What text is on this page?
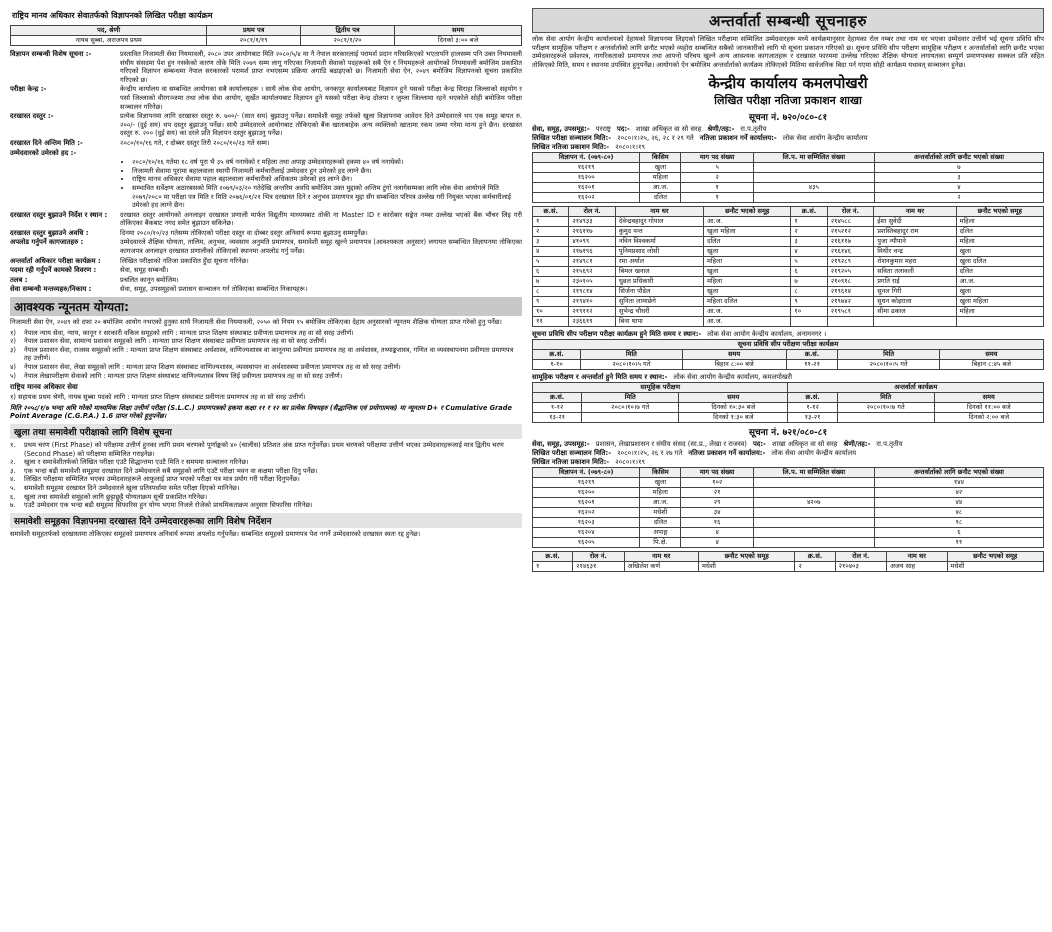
राष्ट्रिय मानव अधिकार सेवातर्फको विज्ञापनको लिखित परीक्षा कार्यक्रम
पद, श्रेणी	प्रथम पत्र	द्वितीय पत्र	समय
नायब सुब्बा, अराजपत्र प्रथम	२०८१/१/१९	२०८१/१/२०	दिनको ३:०० बजे
विज्ञापन सम्बन्धी विशेष सूचना :-	प्रस्तावित निजामती सेवा नियमावली, २०८० उपर आयोगबाट मिति २०८०/५/४ मा नै नेपाल सरकारलाई परामर्श प्रदान गरिसकिएको भएतापनि हालसम्म पनि उक्त नियमावली संघीय संसदमा पेश हुन नसकेको कारण तोके मिति २०७९ सम्म लागू गरिएका निजामती सेवाको पदहरूको सबै ऐन र नियमहरूले आयोगको नियमावली बमोजिम प्रकाशित गरिएको विज्ञापन सम्बन्धमा नेपाल सरकारको परामर्श प्राप्त नभएसम्म प्रक्रिया अगाडि बढाइएको छ। निजामती सेवा ऐन, २०४९ बमोजिम विज्ञापनको सूचना प्रकाशित गरिएको छ।
परीक्षा केन्द्र :-	केन्द्रीय कार्यालय वा सम्बन्धित आयोगका सबै कार्यालयहरू । साथै लोक सेवा आयोग, जनकपुर कार्यालयबाट विज्ञापन हुने यसको परीक्षा केन्द्र सिराहा जिल्लाको सहयोग र पर्सा जिल्लाको वीरगञ्जमा तथा लोक सेवा आयोग, सुर्खेत कार्यालयबाट विज्ञापन हुने यसको परीक्षा केन्द्र दोलपा र जुम्ला जिल्लामा रहने भएकोले सोही बमोजिम परीक्षा सञ्चालन गरिनेछ।
दरखास्त दस्तुर :-	प्रत्येक विज्ञापनमा लागि दरखास्त दस्तुर रु. ७००/- (सात सय) बुझाउनु पर्नेछ। समावेशी समूह तर्फको खुला विज्ञापनमा आवेदन दिने उम्मेदवारले थप एक समूह बापत रु. २००/- (दुई सय) थप दस्तुर बुझाउनु पर्नेछ। साथै उम्मेदवारले आयोगबाट तोकिएको बैंक खाताबाहेक अन्य व्यक्तिको खातामा रकम जम्मा गरेमा मान्य हुने छैन। दरखास्त दस्तुर रु. २०० (दुई सय) का दरले प्रति विज्ञापन दस्तुर बुझाउनु पर्नेछ।
दरखास्त दिने अन्तिम मिति :-	२०८०/१०/१६ गते, र दोब्बर दस्तुर तिरी २०८०/१०/२३ गते सम्म।
उम्मेदवारको उमेरको हद :-
• २०८०/१०/१६ गतेमा १८ वर्ष पूरा भै ३५ वर्ष ननाघेको र महिला तथा अपाङ्ग उम्मेदवारहरूको हकमा ४० वर्ष ननाघेको।
• निजामती सेवामा पूरामा बहालवाला स्थायी निजामती कर्मचारीलाई उम्मेदवार हुन उमेरको हद लाग्ने छैन।
• राष्ट्रिय मानव अधिकार सेवामा पहाल बहालवाला कर्मचारीको अधिकतम उमेरको हद लाग्ने छैन।
• सम्भावित सर्वेक्षण अठारबसको मिति २०७९/०३/२० गतेदेखि अन्तरिम अवधि बमोजिम उक्त मुद्दाको अन्तिम टुंगो नलागेसम्मका लागि लोक सेवा आयोगले मिति २०७९/२०८० मा परीक्षा पत्र मिति र मिति २०७६/०१/२१ भित्र दरखास्त दिने र अनुभव प्रमाणपत्र मुद्दा सँग सम्बन्धित परिपत्र उल्लेख गरी नियुक्त भएका कर्मचारीलाई उमेरको हद लाग्ने छैन।
दरखास्त दस्तुर बुझाउने निर्देश र स्थान :	दरखास्त दस्तुर आयोगको अनलाइन दरखास्त प्रणाली मार्फत विद्युतीय माध्यमबाट तोकी ना Master ID र कारोबार सङ्केत नम्बर उल्लेख भएको बैंक भौचर लिइ गरी तोकिएका बैंकबाट नगद समेत बुझाउन सकिनेछ।
दरखास्त दस्तुर बुझाउने अवधि :	दिनमा २०८०/१०/२३ गतेसम्म तोकिएको परीक्षा दस्तुर वा दोब्बर दस्तुर अनिवार्य रूपमा बुझाउनु सम्मपुर्नेछ।
अपलोड गर्नुपर्ने कागजातहरु :	उम्मेदवारले शैक्षिक योग्यता, तालिम, अनुभव, व्यवसाय अनुमति प्रमाणपत्र, समावेशी समूह खुल्ने प्रमाणपत्र (आवश्यकता अनुसार) लगायत सम्बन्धित विज्ञापनमा तोकिएका कागजपत्र अनलाइन दरखास्त प्रणालीको तोकिएको स्थानमा अपलोड गर्नु पर्नेछ।
अन्तर्वार्ता अधिकार परीक्षा कार्यक्रम :	लिखित परीक्षाको नतिजा प्रकाशित हुँदा सूचना गरिनेछ।
पदमा रही गर्नुपर्ने कामको विवरण :	सेवा, समूह सम्बन्धी।
तलब :	प्रचलित कानून बमोजिम।
सेवा सम्बन्धी मन्तव्यहरु/निकाय :	सेवा, समूह, उपसमूहको प्रशासन सञ्चालन गर्न तोकिएका सम्बन्धित निकायहरू।
आवश्यक न्यूनतम योग्यता:
निजामती सेवा ऐन, २०४९ को दफा २० बमोजिम आयोग नभएको हुनुका साथै निजामती सेवा नियमावली, २०५० को नियम १५ बमोजिम तोकिएका देहाय अनुसारको न्यूनतम शैक्षिक योग्यता प्राप्त गरेको हुनु पर्नेछ।
१)	नेपाल न्याय सेवा, न्याय, कानून र सरकारी वकिल समूहको लागि : मान्यता प्राप्त शिक्षण संस्थाबाट प्रवीणता प्रमाणपत्र तह वा सो सरह उत्तीर्ण।
२)	नेपाल प्रशासन सेवा, सामान्य प्रशासन समूहको लागि : मान्यता प्राप्त शिक्षण संस्थाबाट प्रवीणता प्रमाणपत्र तह वा सो सरह उत्तीर्ण।
३)	नेपाल प्रशासन सेवा, राजस्व समूहको लागि : मान्यता प्राप्त शिक्षण संस्थाबाट अर्थशास्त्र, वाणिज्यशास्त्र वा कानूनमा प्रवीणता प्रमाणपत्र तह वा अर्थशास्त्र, तथ्याङ्कशास्त्र, गणित वा व्यवस्थापनमा प्रवीणता प्रमाणपत्र तह उत्तीर्ण।
४)	नेपाल प्रशासन सेवा, लेखा समूहको लागि : मान्यता प्राप्त शिक्षण संस्थाबाट वाणिज्यशास्त्र, व्यवस्थापन वा अर्थशास्त्रमा प्रवीणता प्रमाणपत्र तह वा सो सरह उत्तीर्ण।
५)	नेपाल लेखापरीक्षण सेवाको लागि : मान्यता प्राप्त शिक्षण संस्थाबाट वाणिज्यशास्त्र विषय लिई प्रवीणता प्रमाणपत्र तह वा सो सरह उत्तीर्ण।
राष्ट्रिय मानव अधिकार सेवा
१) सहायक प्रथम श्रेणी, नायब सुब्बा पदको लागि : मान्यता प्राप्त शिक्षण संस्थाबाट प्रवीणता प्रमाणपत्र तह वा सो सरह उत्तीर्ण।
मिति २०५८/१/७ भन्दा अघि गरेको माध्यमिक शिक्षा उत्तीर्ण परीक्षा (S.L.C.) प्रमाणपत्रको हकमा कक्षा ११ र १२ का प्रत्येक विषयहरु (सैद्धान्तिक एवं प्रयोगात्मक) मा न्यूनतम D+ र Cumulative Grade Point Average (C.G.P.A.) 1.6 प्राप्त गरेको हुनुपर्नेछ।
खुला तथा समावेशी परीक्षाको लागि विशेष सूचना
१.	प्रथम चरण (First Phase) को परीक्षामा उत्तीर्ण हुनका लागि प्रथम चरणको पूर्णाङ्कको ४० (चालीस) प्रतिशत अंक प्राप्त गर्नुपर्नेछ। प्रथम चरणको परीक्षामा उत्तीर्ण भएका उम्मेदवारहरूलाई मात्र द्वितीय चरण (Second Phase) को परीक्षामा सम्मिलित गराइनेछ।
२.	खुला र समावेशीतर्फको लिखित परीक्षा एउटै सिद्धान्तमा एउटै मिति र समयमा सञ्चालन गरिनेछ।
३.	एक भन्दा बढी समावेशी समूहमा दरखास्त दिने उम्मेदवारले सबै समूहको लागि एउटै परीक्षा भवन वा कक्षमा परीक्षा दिनु पर्नेछ।
४.	लिखित परीक्षामा सम्मिलित भएका उम्मेदवारहरूले आफूलाई प्राप्त भएको परीक्षा पत्र मात्र प्रयोग गरी परीक्षा दिनुपर्नेछ।
५.	समावेशी समूहमा दरखास्त दिने उम्मेदवारले खुला प्रतिस्पर्धामा समेत परीक्षा दिएको मानिनेछ।
६.	खुला तथा समावेशी समूहको लागि छुट्टाछुट्टै योग्यताक्रम सूची प्रकाशित गरिनेछ।
७.	एउटै उम्मेदवार एक भन्दा बढी समूहमा सिफारिस हुन योग्य भएमा निजले रोजेको प्राथमिकताक्रम अनुसार सिफारिस गरिनेछ।
समावेशी समूहका विज्ञापनमा दरखास्त दिने उम्मेदवारहरूका लागि विशेष निर्देशन
समावेशी समूहतर्फको दरखास्तमा तोकिएका समूहको प्रमाणपत्र अनिवार्य रूपमा अपलोड गर्नुपर्नेछ। सम्बन्धित समूहको प्रमाणपत्र पेश नगर्ने उम्मेदवारको दरखास्त स्वतः रद्द हुनेछ।
अन्तर्वार्ता सम्बन्धी सूचनाहरु
लोक सेवा आयोग केन्द्रीय कार्यालयको देहायको विज्ञापनमा लिइएको लिखित परीक्षामा सम्मिलित उम्मेदवारहरू मध्ये कार्यक्रमानुसार देहायका रोल नम्बर तथा नाम थर भएका उम्मेदवार उत्तीर्ण भई सूचना प्रविधि सीप परीक्षण सामूहिक परीक्षण र अन्तर्वार्ताको लागि छनौट भएको व्यहोरा सम्बन्धित सबैको जानकारीको लागि यो सूचना प्रकाशन गरिएको छ। सूचना प्रविधि सीप परीक्षण सामूहिक परीक्षण र अन्तर्वार्ताको लागि छनौट भएका उम्मेदवारहरूले प्रवेशपत्र, नागरिकताको प्रमाणपत्र तथा आफ्नो परिचय खुल्ने अन्य आवश्यक कागजातहरू र दरखास्त फारममा उल्लेख गरिएका शैक्षिक योग्यता लगायतका सम्पूर्ण प्रमाणपत्रका सक्कल प्रति सहित तोकिएको मिति, समय र स्थानमा उपस्थित हुनुपर्नेछ। आयोगको ऐन बमोजिम अन्तर्वार्ताको कार्यक्रम तोकिएको मितिमा सार्वजनिक बिदा पर्न गएमा सोही कार्यक्रम यथावत् सञ्चालन हुनेछ।
केन्द्रीय कार्यालय कमलपोखरी
लिखित परीक्षा नतिजा प्रकाशन शाखा
सूचना नं. ७२०/०८०-८१
सेवा, समूह, उपसमूह:- परराष्ट्र पद:- शाखा अधिकृत वा सो सरह श्रेणी/तह:- रा.प.तृतीय
लिखित परीक्षा सञ्चालन मिति:- २०८०।१।२५, २६, २८ र २९ गते नतिजा प्रकाशन गर्ने कार्यालय:- लोक सेवा आयोग केन्द्रीय कार्यालय
लिखित नतिजा प्रकाशन मिति:- २०८०।१।१९
विज्ञापन नं. (०७९-८०)	किसिम	माग पद संख्या	लि.प. मा सम्मिलित संख्या	अन्तर्वार्ताको लागि छनौट भएको संख्या
१६२१९	खुला	५		७
१६२००	महिला	२		३
१६२०१	आ.ज.	१	४३५	४
१६२०२	दलित	१		२
क्र.सं.	रोल नं.	नाम थर	छनौट भएको समूह	क्र.सं.	रोल नं.	नाम थर	छनौट भएको समूह
१	२१४९३३	देवेन्द्रबहादुर गोपाल	आ.ज.	१	२१४५८८	ईशा सुवेदी	महिला
२	२१६११७	कुमुद पन्त	खुला महिला	२	२१५२१२	प्रशस्तिबहादुर राम	दलित
३	४१०९९	नविन विश्वकर्मा	दलित	३	२१६११७	पुजा न्यौपाने	महिला
४	२१७१९६	पुनिमप्रसाद लोसी	खुला	४	२१६१४६	मिथीर चन्द्र	खुला
५	२१४९८१	रमा अर्याल	महिला	५	२१९२८९	रोशनकुमार महरा	खुला दलित
६	२१५६९२	बिमल खनाल	खुला	६	२१९२०५	सविता तलावली	दलित
७	२३०१०५	धुव्रल प्रधिकारी	महिला	७	२१०९१८	प्रगति राई	आ.ज.
८	२१९८१४	सिर्जना पौडेल	खुला	८	२१९६१४	सुनल गिरी	खुला
९	२१९४१०	सुनिता लामाछेगे	महिला दलित	९	२१९७४२	सुधन कोइराला	खुला महिला
१०	२१९११२	सुभेन्द्र चौधरी	आ.ज.	१०	२१९५८१	सीमा ढकाल	महिला
११	२३६६१९	बिना थापा	आ.ज.				
सूचना प्रविधि सीप परीक्षण परीक्षा कार्यक्रम हुने मिति समय र स्थान:- लोक सेवा आयोग केन्द्रीय कार्यालय, अनामनगर ।
सूचना प्रविधि सीप परीक्षण परीक्षा कार्यक्रम					
क्र.सं.	मिति	समय	क्र.सं.	मिति	समय
१-१०	२०८०।१०।५ गते	बिहान ८:०० बजे	११-२१	२०८०।१०।५ गते	बिहान ८:४५ बजे
सामूहिक परीक्षण र अन्तर्वार्ता हुने मिति समय र स्थान:- लोक सेवा आयोग केन्द्रीय कार्यालय, कमलपोखरी
सामूहिक परीक्षण			अन्तर्वार्ता कार्यक्रम		
क्र.सं.	मिति	समय	क्र.सं.	मिति	समय
१-१२	२०८०।१०।७ गते	दिनको १०:३० बजे	१-१२	२०८०।१०।७ गते	दिनको ११:०० बजे
१३-२१		दिनको १:३० बजे	१३-२१		दिनको २:०० बजे
सूचना नं. ७२१/०८०-८१
सेवा, समूह, उपसमूह:- प्रशासन, लेखाप्रशासन र संघीय संसद (सा.प्र., लेखा र राजस्व) पद:- शाखा अधिकृत वा सो सरह श्रेणी/तह:- रा.प.तृतीय
लिखित परीक्षा सञ्चालन मिति:- २०८०।१।२५, २६ र २७ गते नतिजा प्रकाशन गर्ने कार्यालय:- लोक सेवा आयोग केन्द्रीय कार्यालय
लिखित नतिजा प्रकाशन मिति:- २०८०।१।१९
विज्ञापन नं. (०७९-८०)	किसिम	माग पद संख्या	लि.प. मा सम्मिलित संख्या	अन्तर्वार्ताको लागि छनौट भएको संख्या
१६२१९	खुला	१०२		१४४
१६२००	महिला	२१		४२
१६२०१	आ.ज.	२९	४२०७	४४
१६२०२	मधेशी	३४		४८
१६२०३	दलित	१६		१८
१६२०४	अपाङ्ग	४		६
१६२०५	पि.क्षे.	४		११
क्र.सं.	रोल नं.	नाम थर	छनौट भएको समूह	क्र.सं.	रोल नं.	नाम थर	छनौट भएको समूह
१	२१४६३१	अखिलेश कर्ण	मधेशी	२	२१०४०३	अजय साह	मधेशी
